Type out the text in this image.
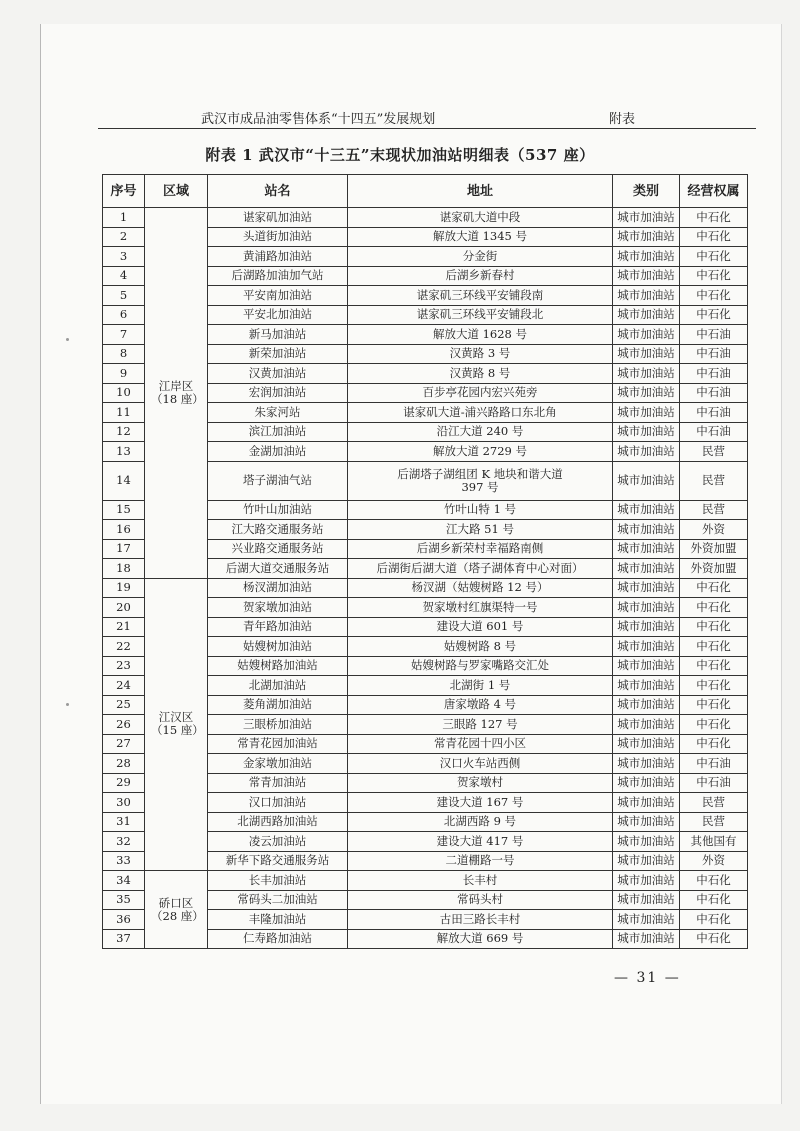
武汉市成品油零售体系“十四五”发展规划	附表
附表 1 武汉市“十三五”末现状加油站明细表（537 座）
序号	区域	站名	地址	类别	经营权属
1	江岸区（18 座）	谌家矶加油站	谌家矶大道中段	城市加油站	中石化
2		头道街加油站	解放大道 1345 号	城市加油站	中石化
3		黄浦路加油站	分金街	城市加油站	中石化
4		后湖路加油加气站	后湖乡新春村	城市加油站	中石化
5		平安南加油站	谌家矶三环线平安铺段南	城市加油站	中石化
6		平安北加油站	谌家矶三环线平安铺段北	城市加油站	中石化
7		新马加油站	解放大道 1628 号	城市加油站	中石油
8		新荣加油站	汉黄路 3 号	城市加油站	中石油
9		汉黄加油站	汉黄路 8 号	城市加油站	中石油
10		宏润加油站	百步亭花园内宏兴苑旁	城市加油站	中石油
11		朱家河站	谌家矶大道-浦兴路路口东北角	城市加油站	中石油
12		滨江加油站	沿江大道 240 号	城市加油站	中石油
13		金湖加油站	解放大道 2729 号	城市加油站	民营
14		塔子湖油气站	后湖塔子湖组团 K 地块和谐大道 397 号	城市加油站	民营
15		竹叶山加油站	竹叶山特 1 号	城市加油站	民营
16		江大路交通服务站	江大路 51 号	城市加油站	外资
17		兴业路交通服务站	后湖乡新荣村幸福路南侧	城市加油站	外资加盟
18		后湖大道交通服务站	后湖街后湖大道（塔子湖体育中心对面）	城市加油站	外资加盟
19	江汉区（15 座）	杨汊湖加油站	杨汊湖（姑嫂树路 12 号）	城市加油站	中石化
20		贺家墩加油站	贺家墩村红旗渠特一号	城市加油站	中石化
21		青年路加油站	建设大道 601 号	城市加油站	中石化
22		姑嫂树加油站	姑嫂树路 8 号	城市加油站	中石化
23		姑嫂树路加油站	姑嫂树路与罗家嘴路交汇处	城市加油站	中石化
24		北湖加油站	北湖街 1 号	城市加油站	中石化
25		菱角湖加油站	唐家墩路 4 号	城市加油站	中石化
26		三眼桥加油站	三眼路 127 号	城市加油站	中石化
27		常青花园加油站	常青花园十四小区	城市加油站	中石化
28		金家墩加油站	汉口火车站西侧	城市加油站	中石油
29		常青加油站	贺家墩村	城市加油站	中石油
30		汉口加油站	建设大道 167 号	城市加油站	民营
31		北湖西路加油站	北湖西路 9 号	城市加油站	民营
32		凌云加油站	建设大道 417 号	城市加油站	其他国有
33		新华下路交通服务站	二道棚路一号	城市加油站	外资
34	硚口区（28 座）	长丰加油站	长丰村	城市加油站	中石化
35		常码头二加油站	常码头村	城市加油站	中石化
36		丰隆加油站	古田三路长丰村	城市加油站	中石化
37		仁寿路加油站	解放大道 669 号	城市加油站	中石化
— 31 —
